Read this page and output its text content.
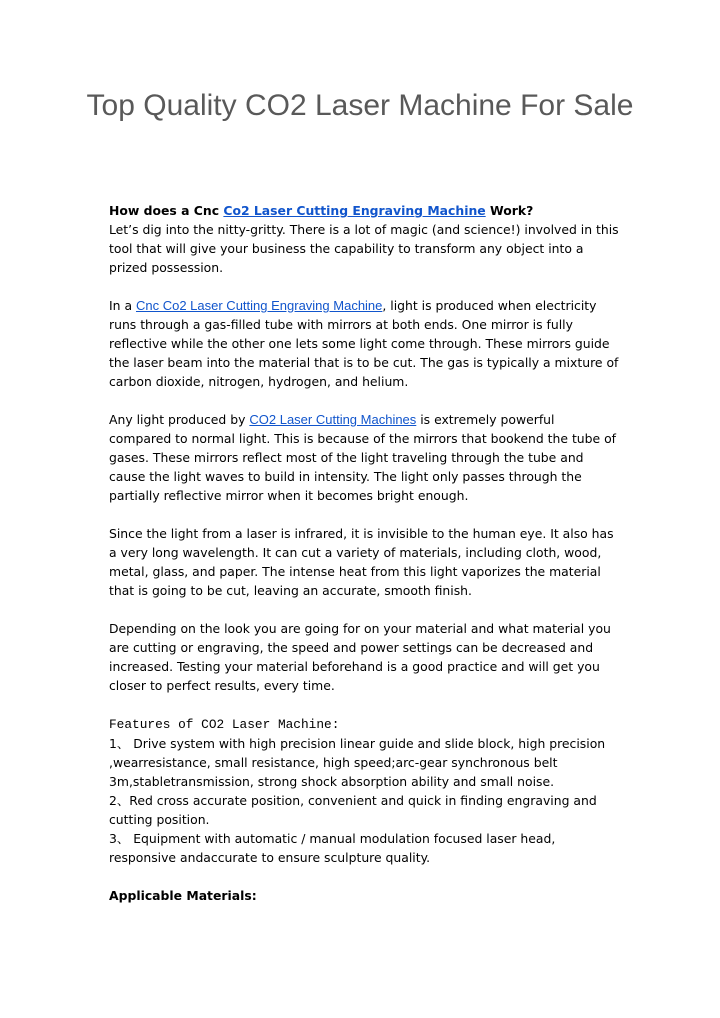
Top Quality CO2 Laser Machine For Sale

How does a Cnc Co2 Laser Cutting Engraving Machine Work?
Let’s dig into the nitty-gritty. There is a lot of magic (and science!) involved in this tool that will give your business the capability to transform any object into a prized possession.

In a Cnc Co2 Laser Cutting Engraving Machine, light is produced when electricity runs through a gas-filled tube with mirrors at both ends. One mirror is fully reflective while the other one lets some light come through. These mirrors guide the laser beam into the material that is to be cut. The gas is typically a mixture of carbon dioxide, nitrogen, hydrogen, and helium.

Any light produced by CO2 Laser Cutting Machines is extremely powerful compared to normal light. This is because of the mirrors that bookend the tube of gases. These mirrors reflect most of the light traveling through the tube and cause the light waves to build in intensity. The light only passes through the partially reflective mirror when it becomes bright enough.

Since the light from a laser is infrared, it is invisible to the human eye. It also has a very long wavelength. It can cut a variety of materials, including cloth, wood, metal, glass, and paper. The intense heat from this light vaporizes the material that is going to be cut, leaving an accurate, smooth finish.

Depending on the look you are going for on your material and what material you are cutting or engraving, the speed and power settings can be decreased and increased. Testing your material beforehand is a good practice and will get you closer to perfect results, every time.

Features of CO2 Laser Machine:
1、 Drive system with high precision linear guide and slide block, high precision ,wearresistance, small resistance, high speed;arc-gear synchronous belt 3m,stabletransmission, strong shock absorption ability and small noise.
2、Red cross accurate position, convenient and quick in finding engraving and cutting position.
3、 Equipment with automatic / manual modulation focused laser head, responsive andaccurate to ensure sculpture quality.

Applicable Materials:
